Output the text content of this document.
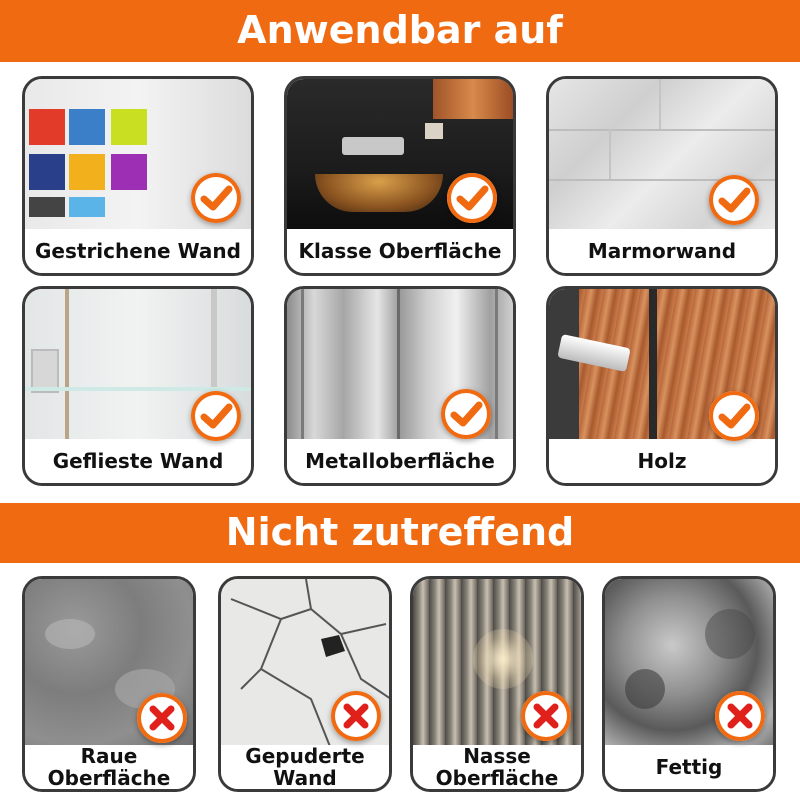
Anwendbar auf
Nicht zutreffend
Gestrichene Wand	Klasse Oberfläche	Marmorwand
Geflieste Wand	Metalloberfläche	Holz
Raue
Oberfläche
Gepuderte
Wand
Nasse
Oberfläche	Fettig
